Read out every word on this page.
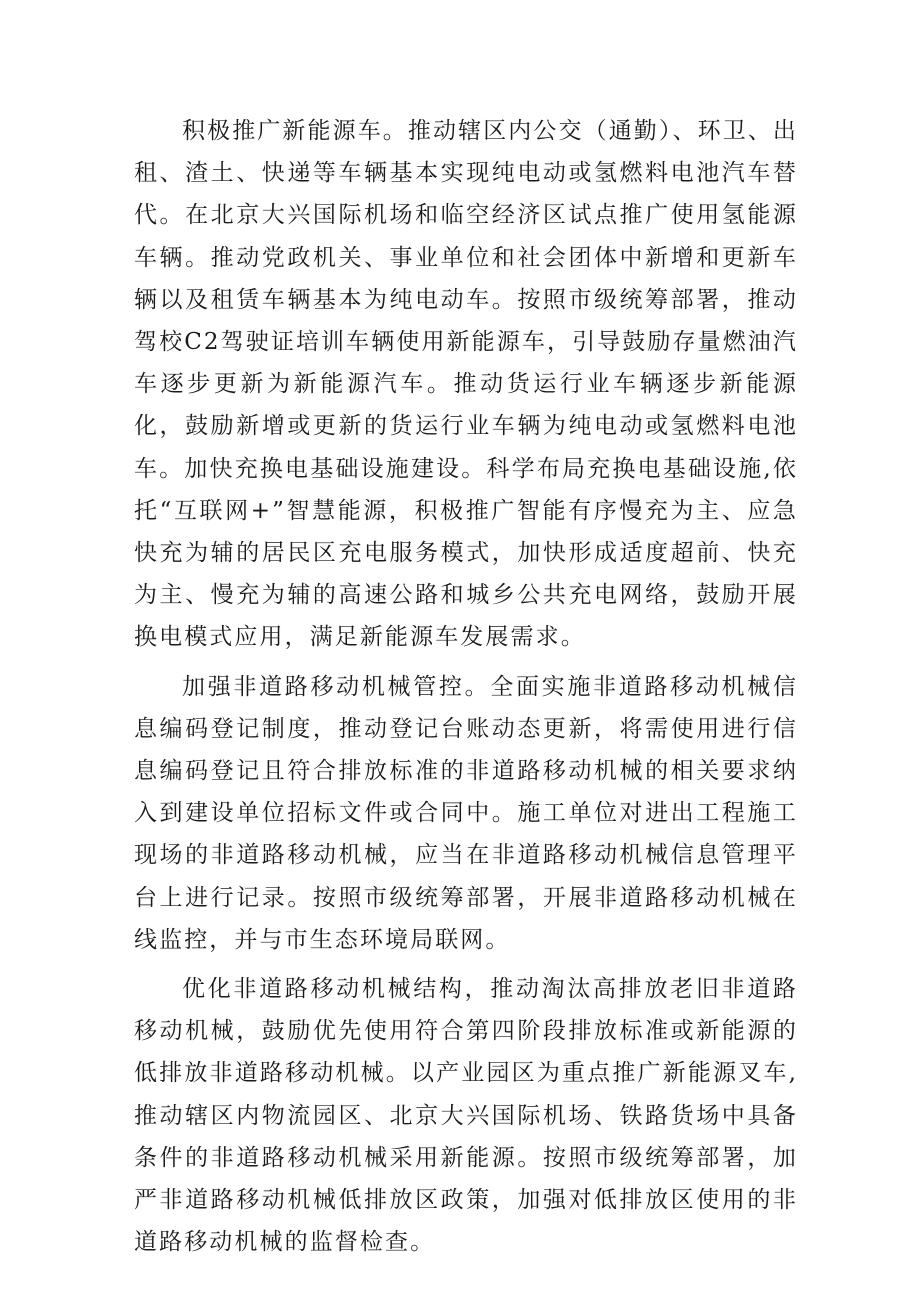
积极推广新能源车。推动辖区内公交（通勤）、环卫、出租、渣土、快递等车辆基本实现纯电动或氢燃料电池汽车替代。在北京大兴国际机场和临空经济区试点推广使用氢能源车辆。推动党政机关、事业单位和社会团体中新增和更新车辆以及租赁车辆基本为纯电动车。按照市级统筹部署，推动驾校C2驾驶证培训车辆使用新能源车，引导鼓励存量燃油汽车逐步更新为新能源汽车。推动货运行业车辆逐步新能源化，鼓励新增或更新的货运行业车辆为纯电动或氢燃料电池车。加快充换电基础设施建设。科学布局充换电基础设施,依托“互联网+”智慧能源，积极推广智能有序慢充为主、应急快充为辅的居民区充电服务模式，加快形成适度超前、快充为主、慢充为辅的高速公路和城乡公共充电网络，鼓励开展换电模式应用，满足新能源车发展需求。

加强非道路移动机械管控。全面实施非道路移动机械信息编码登记制度，推动登记台账动态更新，将需使用进行信息编码登记且符合排放标准的非道路移动机械的相关要求纳入到建设单位招标文件或合同中。施工单位对进出工程施工现场的非道路移动机械，应当在非道路移动机械信息管理平台上进行记录。按照市级统筹部署，开展非道路移动机械在线监控，并与市生态环境局联网。

优化非道路移动机械结构，推动淘汰高排放老旧非道路移动机械，鼓励优先使用符合第四阶段排放标准或新能源的低排放非道路移动机械。以产业园区为重点推广新能源叉车,推动辖区内物流园区、北京大兴国际机场、铁路货场中具备条件的非道路移动机械采用新能源。按照市级统筹部署，加严非道路移动机械低排放区政策，加强对低排放区使用的非道路移动机械的监督检查。
